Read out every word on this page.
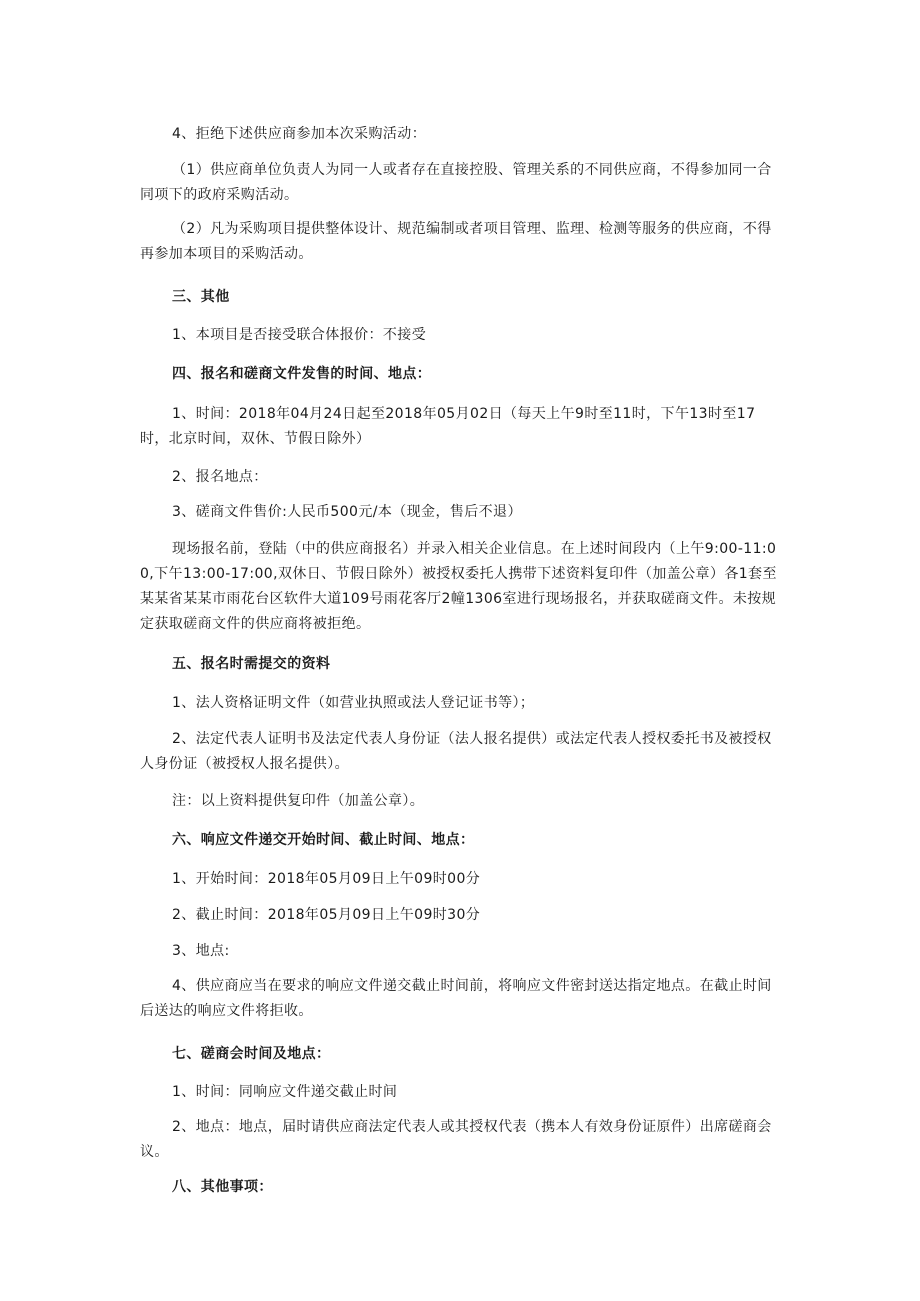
4、拒绝下述供应商参加本次采购活动：

（1）供应商单位负责人为同一人或者存在直接控股、管理关系的不同供应商，不得参加同一合同项下的政府采购活动。

（2）凡为采购项目提供整体设计、规范编制或者项目管理、监理、检测等服务的供应商，不得再参加本项目的采购活动。

三、其他

1、本项目是否接受联合体报价：不接受

四、报名和磋商文件发售的时间、地点：

1、时间：2018年04月24日起至2018年05月02日（每天上午9时至11时，下午13时至17时，北京时间，双休、节假日除外）

2、报名地点：

3、磋商文件售价:人民币500元/本（现金，售后不退）

现场报名前，登陆（中的供应商报名）并录入相关企业信息。在上述时间段内（上午9:00-11:00,下午13:00-17:00,双休日、节假日除外）被授权委托人携带下述资料复印件（加盖公章）各1套至某某省某某市雨花台区软件大道109号雨花客厅2幢1306室进行现场报名，并获取磋商文件。未按规定获取磋商文件的供应商将被拒绝。

五、报名时需提交的资料

1、法人资格证明文件（如营业执照或法人登记证书等）；

2、法定代表人证明书及法定代表人身份证（法人报名提供）或法定代表人授权委托书及被授权人身份证（被授权人报名提供）。

注：以上资料提供复印件（加盖公章）。

六、响应文件递交开始时间、截止时间、地点：

1、开始时间：2018年05月09日上午09时00分

2、截止时间：2018年05月09日上午09时30分

3、地点:

4、供应商应当在要求的响应文件递交截止时间前，将响应文件密封送达指定地点。在截止时间后送达的响应文件将拒收。

七、磋商会时间及地点：

1、时间：同响应文件递交截止时间

2、地点：地点，届时请供应商法定代表人或其授权代表（携本人有效身份证原件）出席磋商会议。

八、其他事项：
